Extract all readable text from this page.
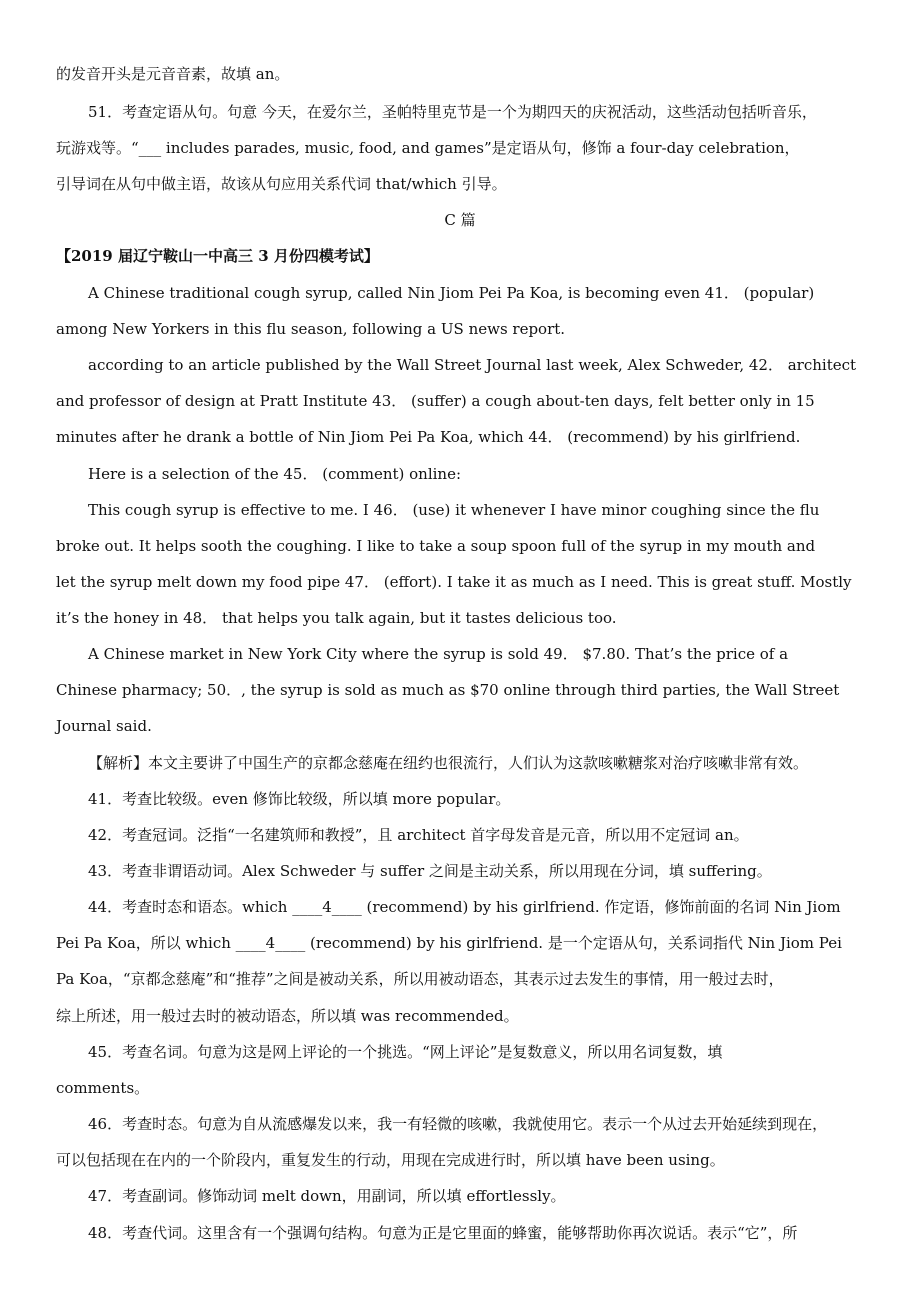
的发音开头是元音音素，故填 an。
51．考查定语从句。句意 今天，在爱尔兰，圣帕特里克节是一个为期四天的庆祝活动，这些活动包括听音乐，
玩游戏等。“___ includes parades, music, food, and games”是定语从句，修饰 a four-day celebration，
引导词在从句中做主语，故该从句应用关系代词 that/which 引导。
C 篇
【2019 届辽宁鞍山一中高三 3 月份四模考试】
A Chinese traditional cough syrup, called Nin Jiom Pei Pa Koa, is becoming even 41． (popular)
among New Yorkers in this flu season, following a US news report.
according to an article published by the Wall Street Journal last week, Alex Schweder, 42． architect
and professor of design at Pratt Institute 43． (suffer) a cough about-ten days, felt better only in 15
minutes after he drank a bottle of Nin Jiom Pei Pa Koa, which 44． (recommend) by his girlfriend.
Here is a selection of the 45． (comment) online:
This cough syrup is effective to me. I 46． (use) it whenever I have minor coughing since the flu
broke out. It helps sooth the coughing. I like to take a soup spoon full of the syrup in my mouth and
let the syrup melt down my food pipe 47． (effort). I take it as much as I need. This is great stuff. Mostly
it’s the honey in 48． that helps you talk again, but it tastes delicious too.
A Chinese market in New York City where the syrup is sold 49． $7.80. That’s the price of a
Chinese pharmacy; 50．, the syrup is sold as much as $70 online through third parties, the Wall Street
Journal said.
【解析】本文主要讲了中国生产的京都念慈庵在纽约也很流行，人们认为这款咳嗽糖浆对治疗咳嗽非常有效。
41．考查比较级。even 修饰比较级，所以填 more popular。
42．考查冠词。泛指“一名建筑师和教授”，且 architect 首字母发音是元音，所以用不定冠词 an。
43．考查非谓语动词。Alex Schweder 与 suffer 之间是主动关系，所以用现在分词，填 suffering。
44．考查时态和语态。which ____4____ (recommend) by his girlfriend. 作定语，修饰前面的名词 Nin Jiom
Pei Pa Koa，所以 which ____4____ (recommend) by his girlfriend. 是一个定语从句，关系词指代 Nin Jiom Pei
Pa Koa，“京都念慈庵”和“推荐”之间是被动关系，所以用被动语态，其表示过去发生的事情，用一般过去时，
综上所述，用一般过去时的被动语态，所以填 was recommended。
45．考查名词。句意为这是网上评论的一个挑选。“网上评论”是复数意义，所以用名词复数，填
comments。
46．考查时态。句意为自从流感爆发以来，我一有轻微的咳嗽，我就使用它。表示一个从过去开始延续到现在，
可以包括现在在内的一个阶段内，重复发生的行动，用现在完成进行时，所以填 have been using。
47．考查副词。修饰动词 melt down，用副词，所以填 effortlessly。
48．考查代词。这里含有一个强调句结构。句意为正是它里面的蜂蜜，能够帮助你再次说话。表示“它”，所
